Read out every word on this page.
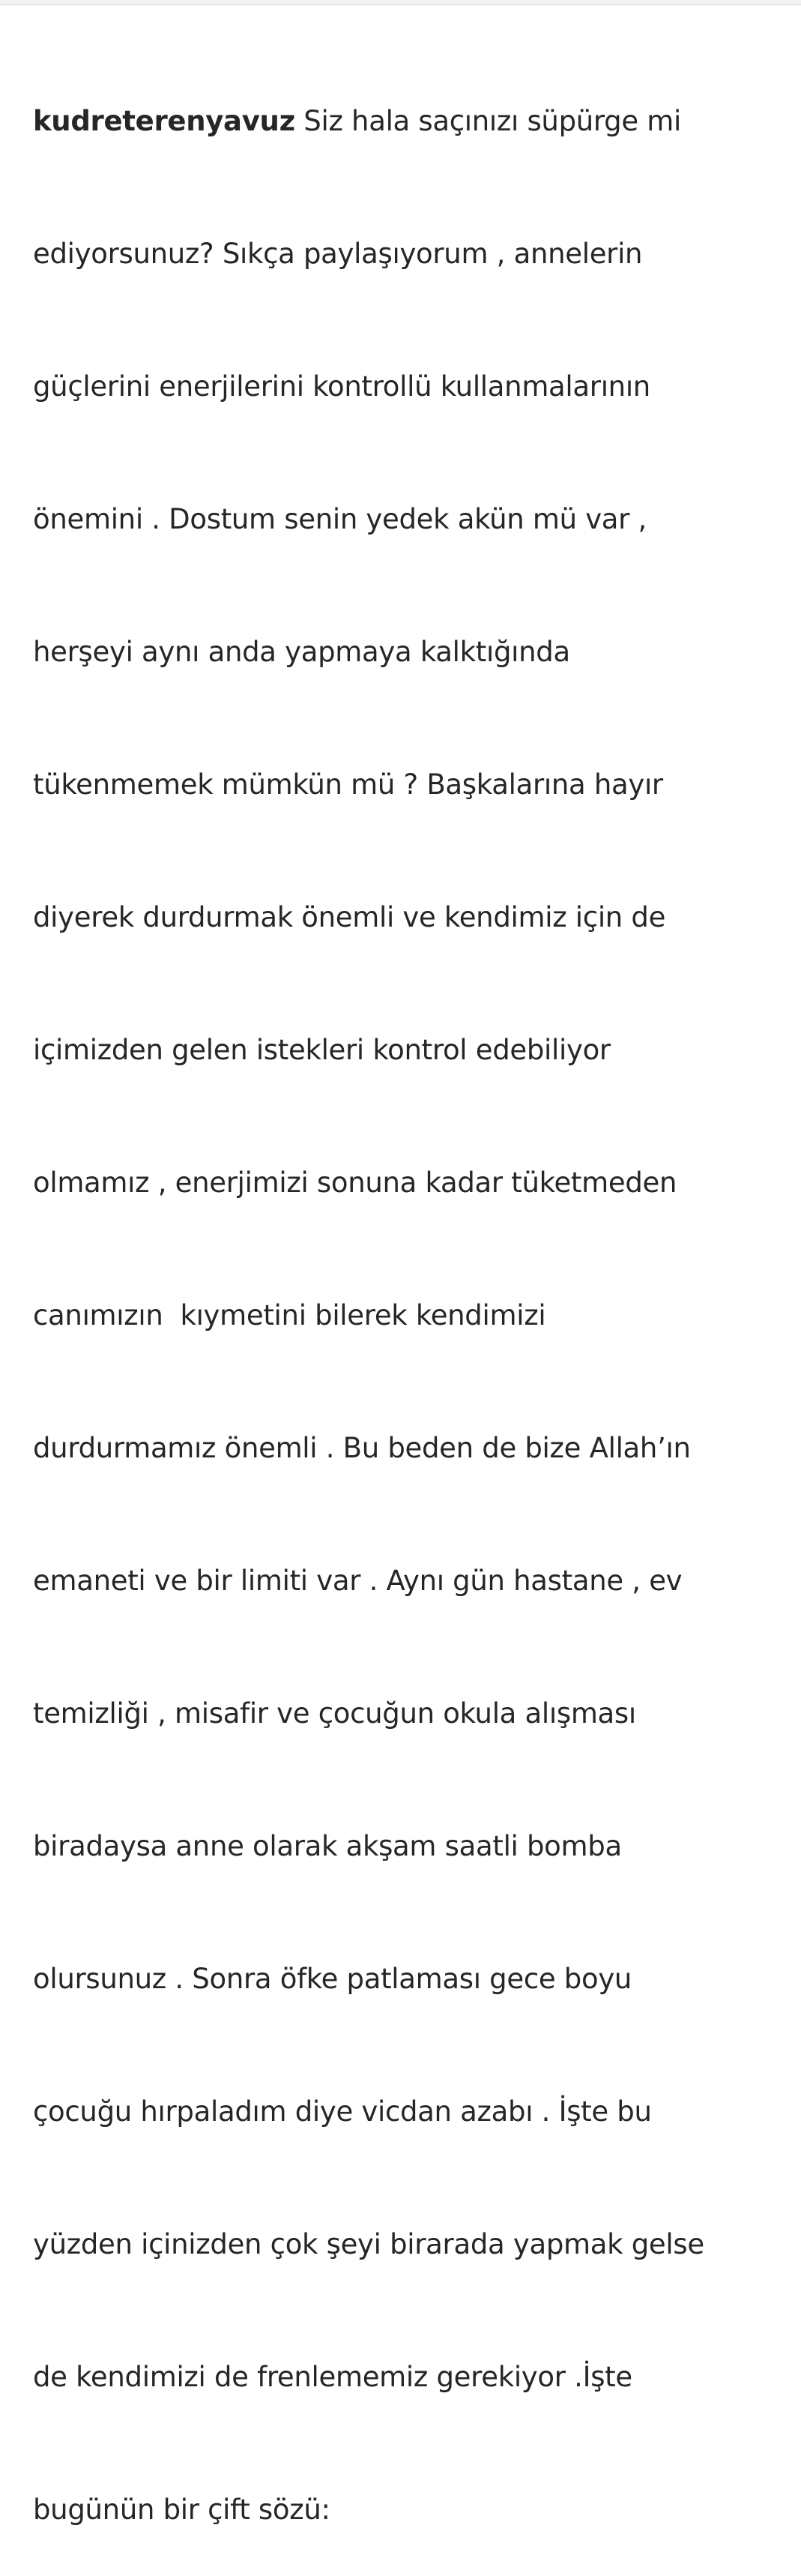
kudreterenyavuz Siz hala saçınızı süpürge mi

ediyorsunuz? Sıkça paylaşıyorum , annelerin

güçlerini enerjilerini kontrollü kullanmalarının

önemini . Dostum senin yedek akün mü var ,

herşeyi aynı anda yapmaya kalktığında

tükenmemek mümkün mü ? Başkalarına hayır

diyerek durdurmak önemli ve kendimiz için de

içimizden gelen istekleri kontrol edebiliyor

olmamız , enerjimizi sonuna kadar tüketmeden

canımızın  kıymetini bilerek kendimizi

durdurmamız önemli . Bu beden de bize Allah’ın

emaneti ve bir limiti var . Aynı gün hastane , ev

temizliği , misafir ve çocuğun okula alışması

biradaysa anne olarak akşam saatli bomba

olursunuz . Sonra öfke patlaması gece boyu

çocuğu hırpaladım diye vicdan azabı . İşte bu

yüzden içinizden çok şeyi birarada yapmak gelse

de kendimizi de frenlememiz gerekiyor .İşte

bugünün bir çift sözü:
